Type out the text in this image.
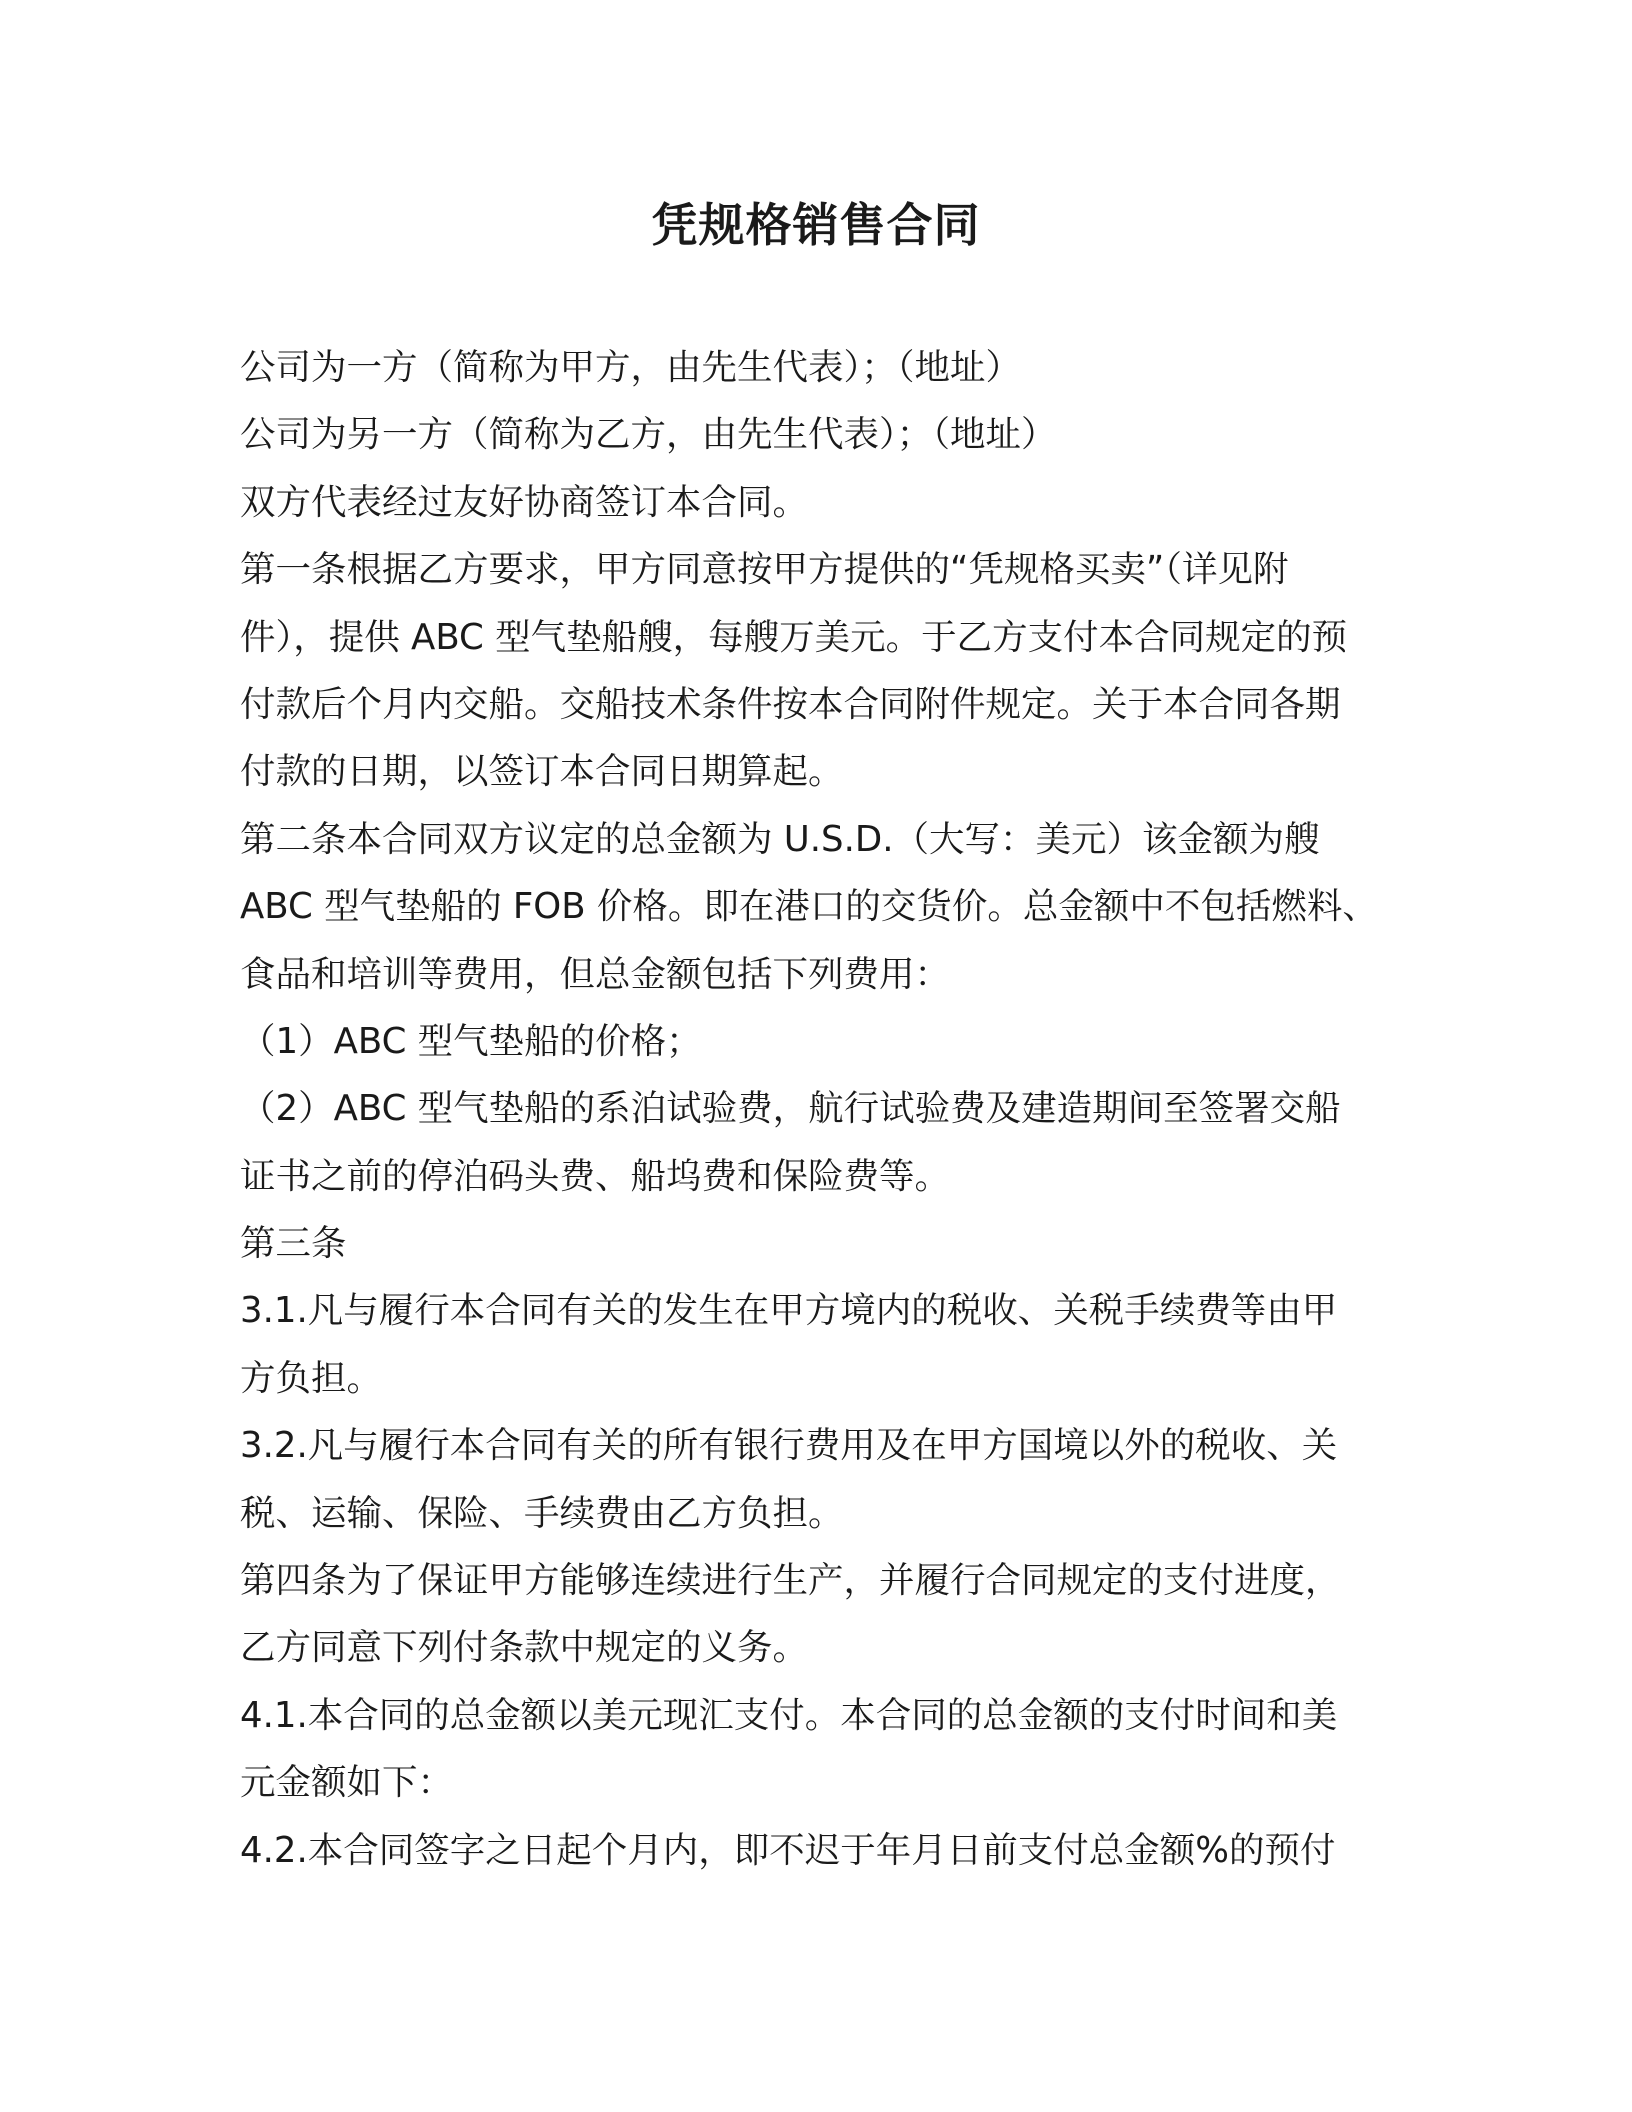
凭规格销售合同

公司为一方（简称为甲方，由先生代表）；（地址）

公司为另一方（简称为乙方，由先生代表）；（地址）

双方代表经过友好协商签订本合同。

第一条根据乙方要求，甲方同意按甲方提供的“凭规格买卖”（详见附

件），提供 ABC 型气垫船艘，每艘万美元。于乙方支付本合同规定的预

付款后个月内交船。交船技术条件按本合同附件规定。关于本合同各期

付款的日期，以签订本合同日期算起。

第二条本合同双方议定的总金额为 U.S.D.（大写：美元）该金额为艘

ABC 型气垫船的 FOB 价格。即在港口的交货价。总金额中不包括燃料、

食品和培训等费用，但总金额包括下列费用：

（1）ABC 型气垫船的价格；

（2）ABC 型气垫船的系泊试验费，航行试验费及建造期间至签署交船

证书之前的停泊码头费、船坞费和保险费等。

第三条

3.1.凡与履行本合同有关的发生在甲方境内的税收、关税手续费等由甲

方负担。

3.2.凡与履行本合同有关的所有银行费用及在甲方国境以外的税收、关

税、运输、保险、手续费由乙方负担。

第四条为了保证甲方能够连续进行生产，并履行合同规定的支付进度，

乙方同意下列付条款中规定的义务。

4.1.本合同的总金额以美元现汇支付。本合同的总金额的支付时间和美

元金额如下：

4.2.本合同签字之日起个月内，即不迟于年月日前支付总金额%的预付
